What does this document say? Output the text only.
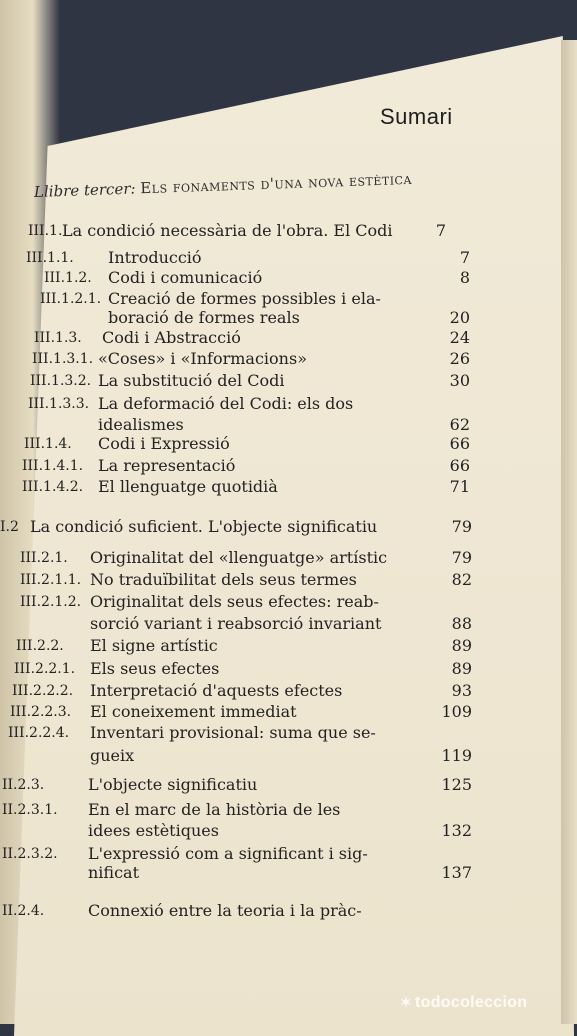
Sumari
Llibre tercer: Els fonaments d'una nova estètica
III.1. La condició necessària de l'obra. El Codi	7
III.1.1. Introducció	7
III.1.2. Codi i comunicació	8
III.1.2.1. Creació de formes possibles i ela-
boració de formes reals	20
III.1.3. Codi i Abstracció	24
III.1.3.1. «Coses» i «Informacions»	26
III.1.3.2. La substitució del Codi	30
III.1.3.3. La deformació del Codi: els dos
idealismes	62
III.1.4. Codi i Expressió	66
III.1.4.1. La representació	66
III.1.4.2. El llenguatge quotidià	71
I.2 La condició suficient. L'objecte significatiu	79
III.2.1. Originalitat del «llenguatge» artístic	79
III.2.1.1. No traduïbilitat dels seus termes	82
III.2.1.2. Originalitat dels seus efectes: reab-
sorció variant i reabsorció invariant	88
III.2.2. El signe artístic	89
III.2.2.1. Els seus efectes	89
III.2.2.2. Interpretació d'aquests efectes	93
III.2.2.3. El coneixement immediat	109
III.2.2.4. Inventari provisional: suma que se-
gueix	119
II.2.3.	L'objecte significatiu	125
II.2.3.1. En el marc de la història de les
idees estètiques	132
II.2.3.2. L'expressió com a significant i sig-
nificat	137
II.2.4.	Connexió entre la teoria i la pràc-
✶ todocoleccion
